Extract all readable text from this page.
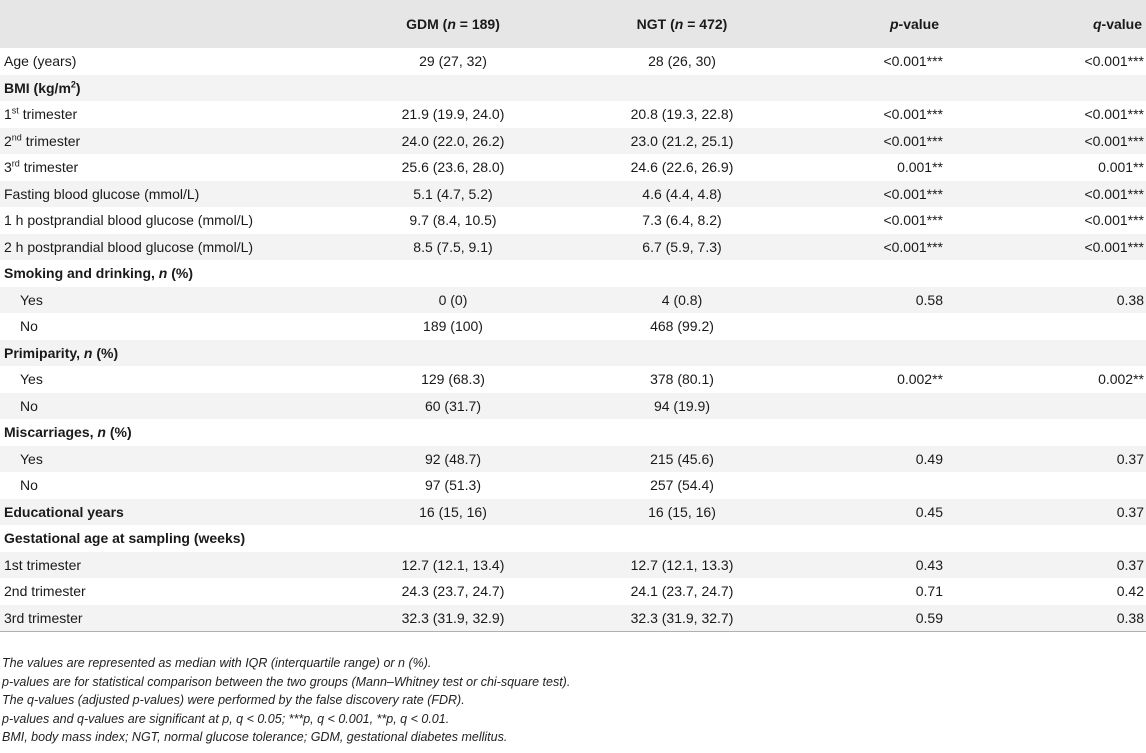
	GDM (n = 189)	NGT (n = 472)	p-value	q-value
Age (years)	29 (27, 32)	28 (26, 30)	<0.001***	<0.001***
BMI $(kg/m^2)$				
1st trimester	21.9 (19.9, 24.0)	20.8 (19.3, 22.8)	<0.001***	<0.001***
2nd trimester	24.0 (22.0, 26.2)	23.0 (21.2, 25.1)	<0.001***	<0.001***
3rd trimester	25.6 (23.6, 28.0)	24.6 (22.6, 26.9)	0.001**	0.001**
Fasting blood glucose (mmol/L)	5.1 (4.7, 5.2)	4.6 (4.4, 4.8)	<0.001***	<0.001***
1 h postprandial blood glucose (mmol/L)	9.7 (8.4, 10.5)	7.3 (6.4, 8.2)	<0.001***	<0.001***
2 h postprandial blood glucose (mmol/L)	8.5 (7.5, 9.1)	6.7 (5.9, 7.3)	<0.001***	<0.001***
Smoking and drinking, n (%)				
Yes	0 (0)	4 (0.8)	0.58	0.38
No	189 (100)	468 (99.2)		
Primiparity, n (%)				
Yes	129 (68.3)	378 (80.1)	0.002**	0.002**
No	60 (31.7)	94 (19.9)		
Miscarriages, n (%)				
Yes	92 (48.7)	215 (45.6)	0.49	0.37
No	97 (51.3)	257 (54.4)		
Educational years	16 (15, 16)	16 (15, 16)	0.45	0.37
Gestational age at sampling (weeks)				
1st trimester	12.7 (12.1, 13.4)	12.7 (12.1, 13.3)	0.43	0.37
2nd trimester	24.3 (23.7, 24.7)	24.1 (23.7, 24.7)	0.71	0.42
3rd trimester	32.3 (31.9, 32.9)	32.3 (31.9, 32.7)	0.59	0.38
The values are represented as median with IQR (interquartile range) or n (%).
p-values are for statistical comparison between the two groups (Mann–Whitney test or chi-square test).
The q-values (adjusted p-values) were performed by the false discovery rate (FDR).
p-values and q-values are significant at p, q < 0.05; ***p, q < 0.001, **p, q < 0.01.
BMI, body mass index; NGT, normal glucose tolerance; GDM, gestational diabetes mellitus.
